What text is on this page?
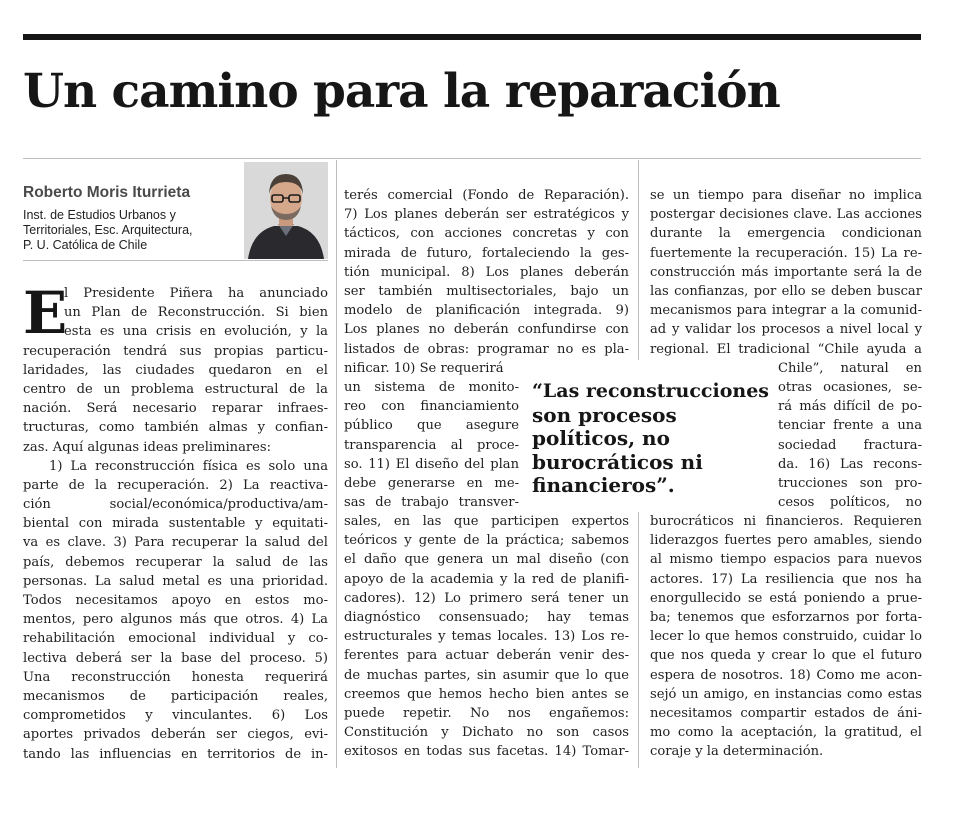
Un camino para la reparación
Roberto Moris Iturrieta
Inst. de Estudios Urbanos y
Territoriales, Esc. Arquitectura,
P. U. Católica de Chile
E
l Presidente Piñera ha anunciado
un Plan de Reconstrucción. Si bien
esta es una crisis en evolución, y la
recuperación tendrá sus propias particu-
laridades, las ciudades quedaron en el
centro de un problema estructural de la
nación. Será necesario reparar infraes-
tructuras, como también almas y confian-
zas. Aquí algunas ideas preliminares:
1) La reconstrucción física es solo una
parte de la recuperación. 2) La reactiva-
ción social/económica/productiva/am-
biental con mirada sustentable y equitati-
va es clave. 3) Para recuperar la salud del
país, debemos recuperar la salud de las
personas. La salud metal es una prioridad.
Todos necesitamos apoyo en estos mo-
mentos, pero algunos más que otros. 4) La
rehabilitación emocional individual y co-
lectiva deberá ser la base del proceso. 5)
Una reconstrucción honesta requerirá
mecanismos de participación reales,
comprometidos y vinculantes. 6) Los
aportes privados deberán ser ciegos, evi-
tando las influencias en territorios de in-
terés comercial (Fondo de Reparación).
7) Los planes deberán ser estratégicos y
tácticos, con acciones concretas y con
mirada de futuro, fortaleciendo la ges-
tión municipal. 8) Los planes deberán
ser también multisectoriales, bajo un
modelo de planificación integrada. 9)
Los planes no deberán confundirse con
listados de obras: programar no es pla-
nificar. 10) Se requerirá
un sistema de monito-
reo con financiamiento
público que asegure
transparencia al proce-
so. 11) El diseño del plan
debe generarse en me-
sas de trabajo transver-
sales, en las que participen expertos
teóricos y gente de la práctica; sabemos
el daño que genera un mal diseño (con
apoyo de la academia y la red de planifi-
cadores). 12) Lo primero será tener un
diagnóstico consensuado; hay temas
estructurales y temas locales. 13) Los re-
ferentes para actuar deberán venir des-
de muchas partes, sin asumir que lo que
creemos que hemos hecho bien antes se
puede repetir. No nos engañemos:
Constitución y Dichato no son casos
exitosos en todas sus facetas. 14) Tomar-
“Las reconstrucciones
son procesos
políticos, no
burocráticos ni
financieros”.
se un tiempo para diseñar no implica
postergar decisiones clave. Las acciones
durante la emergencia condicionan
fuertemente la recuperación. 15) La re-
construcción más importante será la de
las confianzas, por ello se deben buscar
mecanismos para integrar a la comunid-
ad y validar los procesos a nivel local y
regional. El tradicional “Chile ayuda a
Chile”, natural en
otras ocasiones, se-
rá más difícil de po-
tenciar frente a una
sociedad fractura-
da. 16) Las recons-
trucciones son pro-
cesos políticos, no
burocráticos ni financieros. Requieren
liderazgos fuertes pero amables, siendo
al mismo tiempo espacios para nuevos
actores. 17) La resiliencia que nos ha
enorgullecido se está poniendo a prue-
ba; tenemos que esforzarnos por forta-
lecer lo que hemos construido, cuidar lo
que nos queda y crear lo que el futuro
espera de nosotros. 18) Como me acon-
sejó un amigo, en instancias como estas
necesitamos compartir estados de áni-
mo como la aceptación, la gratitud, el
coraje y la determinación.
